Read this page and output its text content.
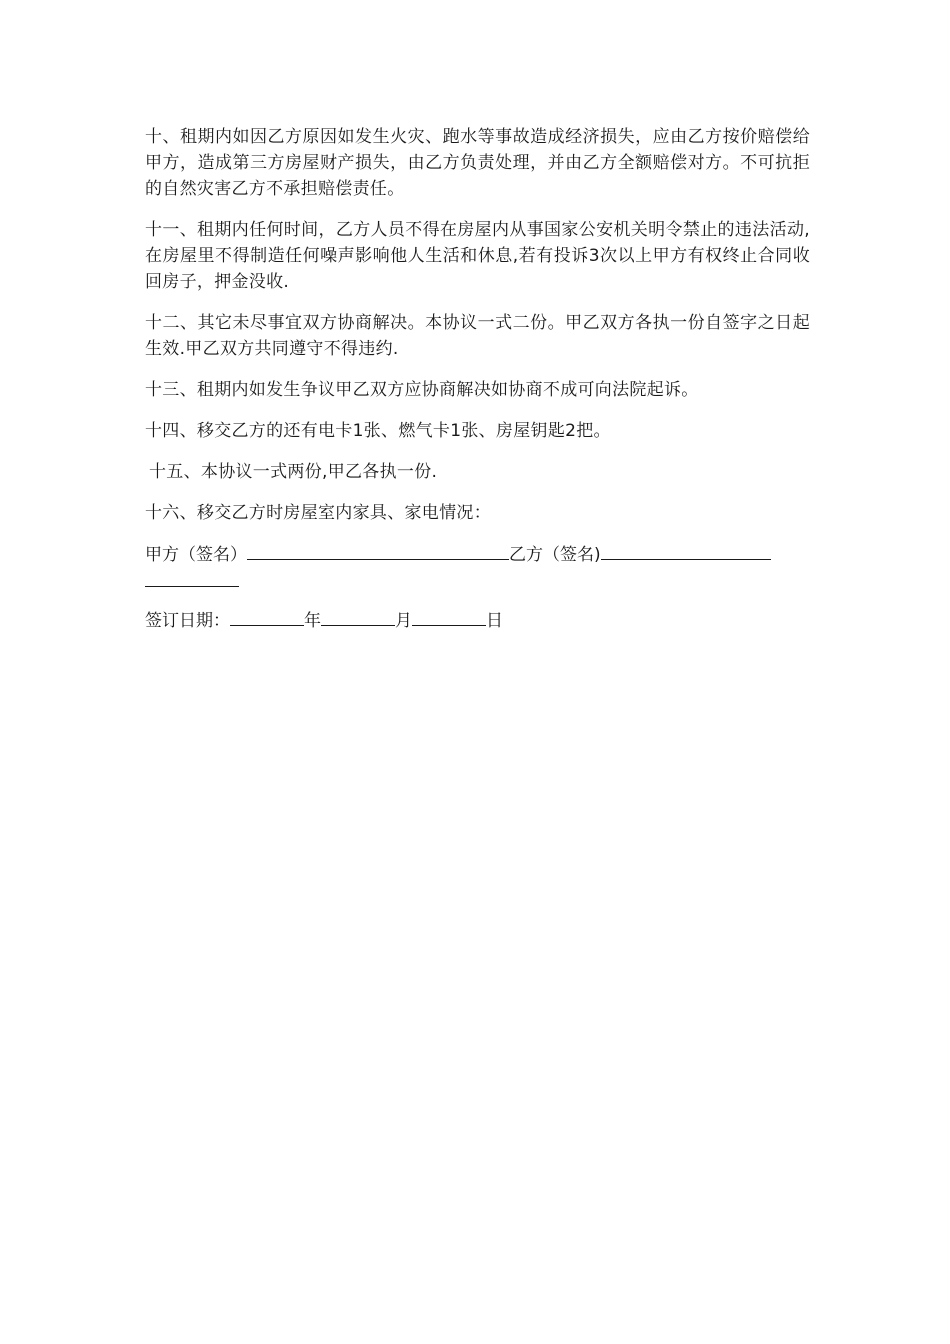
十、租期内如因乙方原因如发生火灾、跑水等事故造成经济损失，应由乙方按价赔偿给甲方，造成第三方房屋财产损失，由乙方负责处理，并由乙方全额赔偿对方。不可抗拒的自然灾害乙方不承担赔偿责任。

十一、租期内任何时间，乙方人员不得在房屋内从事国家公安机关明令禁止的违法活动,在房屋里不得制造任何噪声影响他人生活和休息,若有投诉3次以上甲方有权终止合同收回房子，押金没收.

十二、其它未尽事宜双方协商解决。本协议一式二份。甲乙双方各执一份自签字之日起生效.甲乙双方共同遵守不得违约.

十三、租期内如发生争议甲乙双方应协商解决如协商不成可向法院起诉。

十四、移交乙方的还有电卡1张、燃气卡1张、房屋钥匙2把。

十五、本协议一式两份,甲乙各执一份.

十六、移交乙方时房屋室内家具、家电情况：

甲方（签名）	乙方（签名)

签订日期：	年	月	日
